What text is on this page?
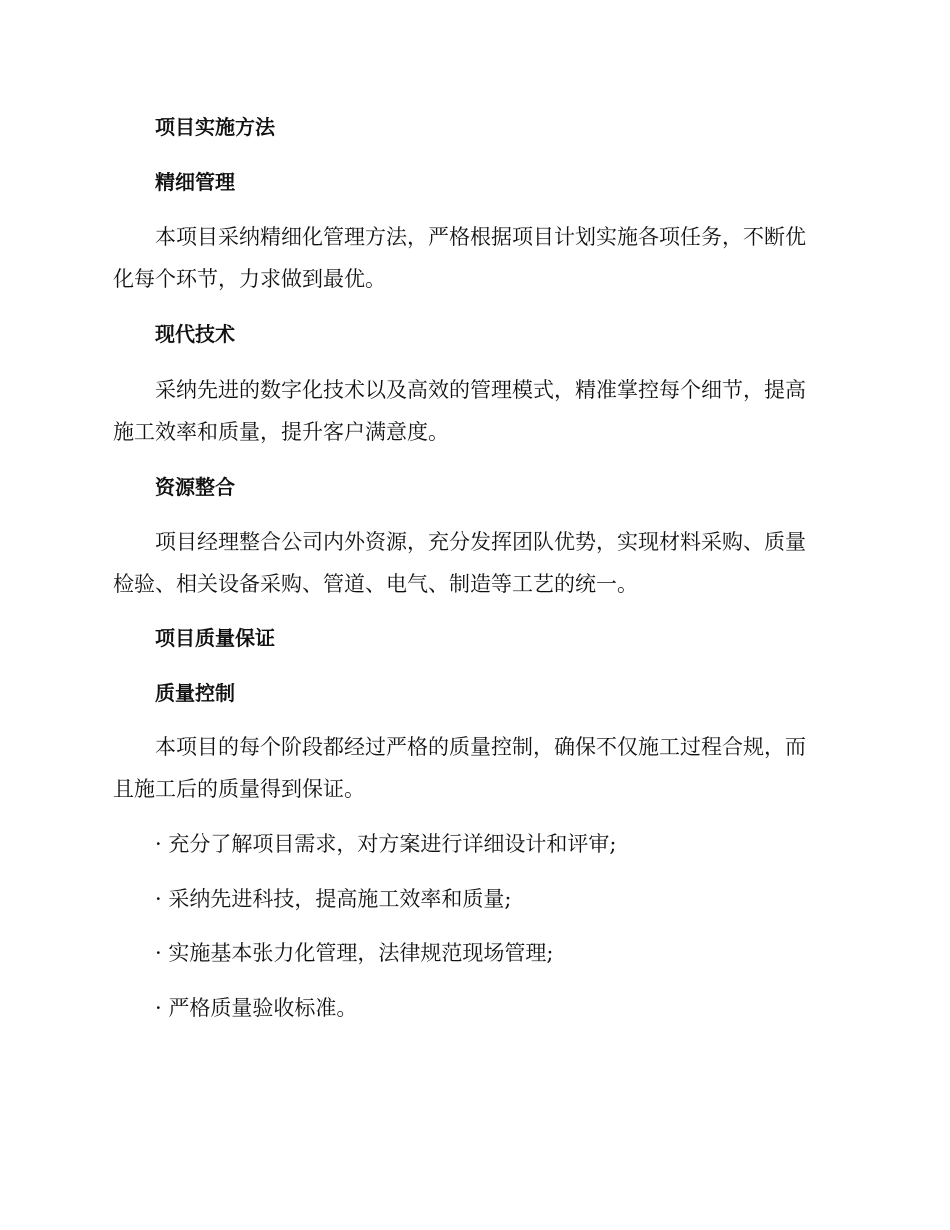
项目实施方法
精细管理
本项目采纳精细化管理方法，严格根据项目计划实施各项任务，不断优
化每个环节，力求做到最优。
现代技术
采纳先进的数字化技术以及高效的管理模式，精准掌控每个细节，提高
施工效率和质量，提升客户满意度。
资源整合
项目经理整合公司内外资源，充分发挥团队优势，实现材料采购、质量
检验、相关设备采购、管道、电气、制造等工艺的统一。
项目质量保证
质量控制
本项目的每个阶段都经过严格的质量控制，确保不仅施工过程合规，而
且施工后的质量得到保证。
· 充分了解项目需求，对方案进行详细设计和评审;
· 采纳先进科技，提高施工效率和质量;
· 实施基本张力化管理，法律规范现场管理;
· 严格质量验收标准。
